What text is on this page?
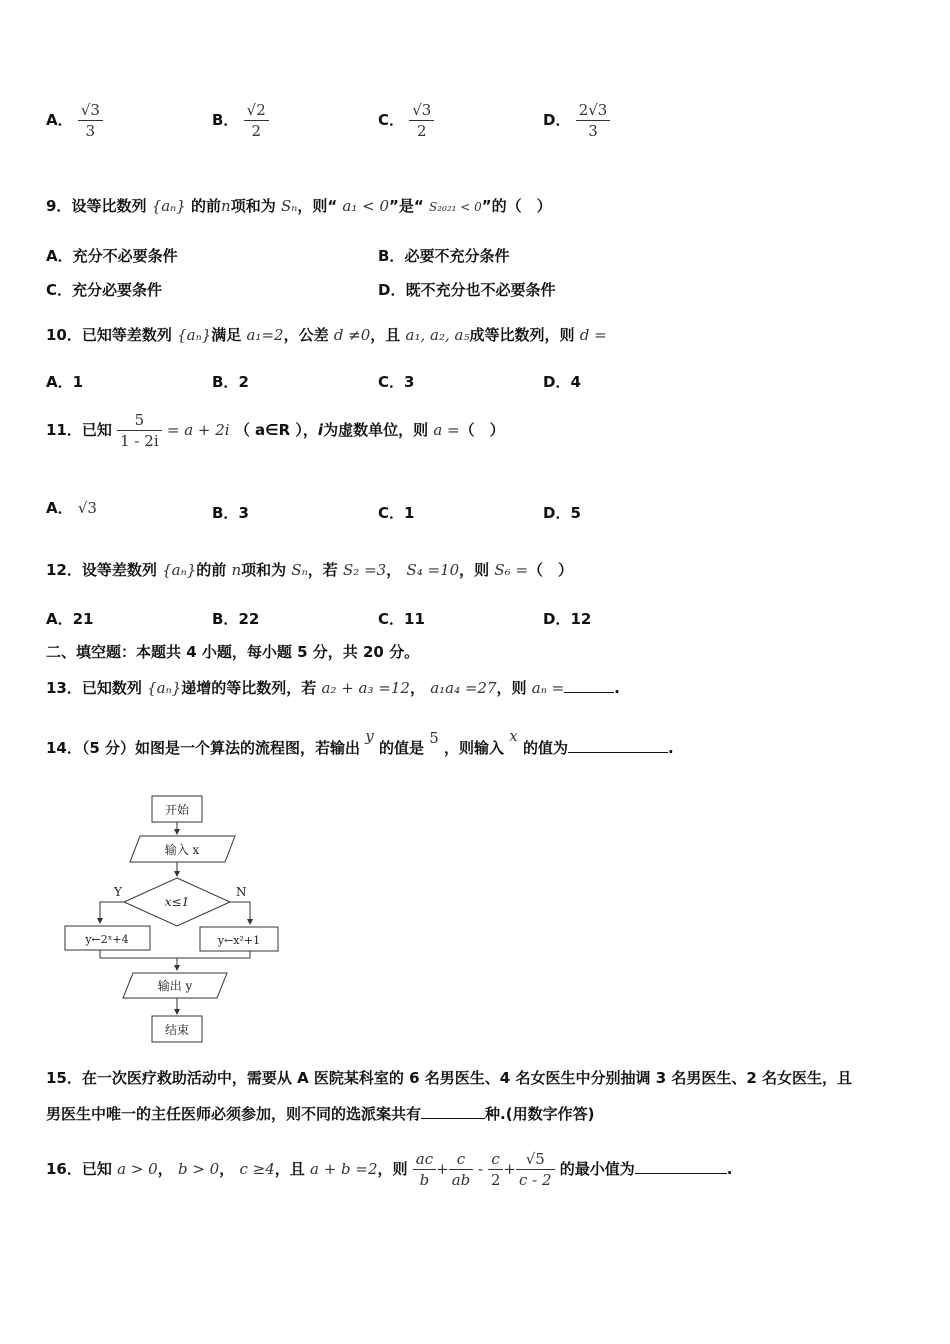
A． $\frac{√3}{3}$	B． $\frac{√2}{2}$	C． $\frac{√3}{2}$	D． $\frac{2√3}{3}$
9．设等比数列 {aₙ} 的前n项和为 Sₙ，则“ a₁ < 0”是“ S₂₀₂₁ < 0”的（　）
A．充分不必要条件	B．必要不充分条件
C．充分必要条件	D．既不充分也不必要条件
10．已知等差数列 {aₙ}满足 a₁=2，公差 d ≠0，且 a₁, a₂, a₅成等比数列，则 d =
A．1	B．2	C．3	D．4
11．已知 $\frac{5}{1 - 2i} = a + 2i$ （ a∈R ），i为虚数单位，则 a =（　）
A． √3	B．3	C．1	D．5
12．设等差数列 {aₙ}的前 n项和为 Sₙ，若 S₂ =3， S₄ =10，则 S₆ =（　）
A．21	B．22	C．11	D．12
二、填空题：本题共 4 小题，每小题 5 分，共 20 分。
13．已知数列 {aₙ}递增的等比数列，若 a₂ + a₃ =12， a₁a₄ =27，则 aₙ =	.
14．（5 分）如图是一个算法的流程图，若输出 y 的值是 5 ，则输入 x 的值为	.
开始
输入 x
x≤1
Y	N
y←2ˣ+4	y←x²+1
输出 y
结束
15．在一次医疗救助活动中，需要从 A 医院某科室的 6 名男医生、4 名女医生中分别抽调 3 名男医生、2 名女医生，且
男医生中唯一的主任医师必须参加，则不同的选派案共有	种.(用数字作答)
16．已知 a > 0， b > 0， c ≥4，且 a + b =2，则 $\frac{ac}{b} + \frac{c}{ab} - \frac{c}{2} + \frac{√5}{c - 2}$ 的最小值为	.
